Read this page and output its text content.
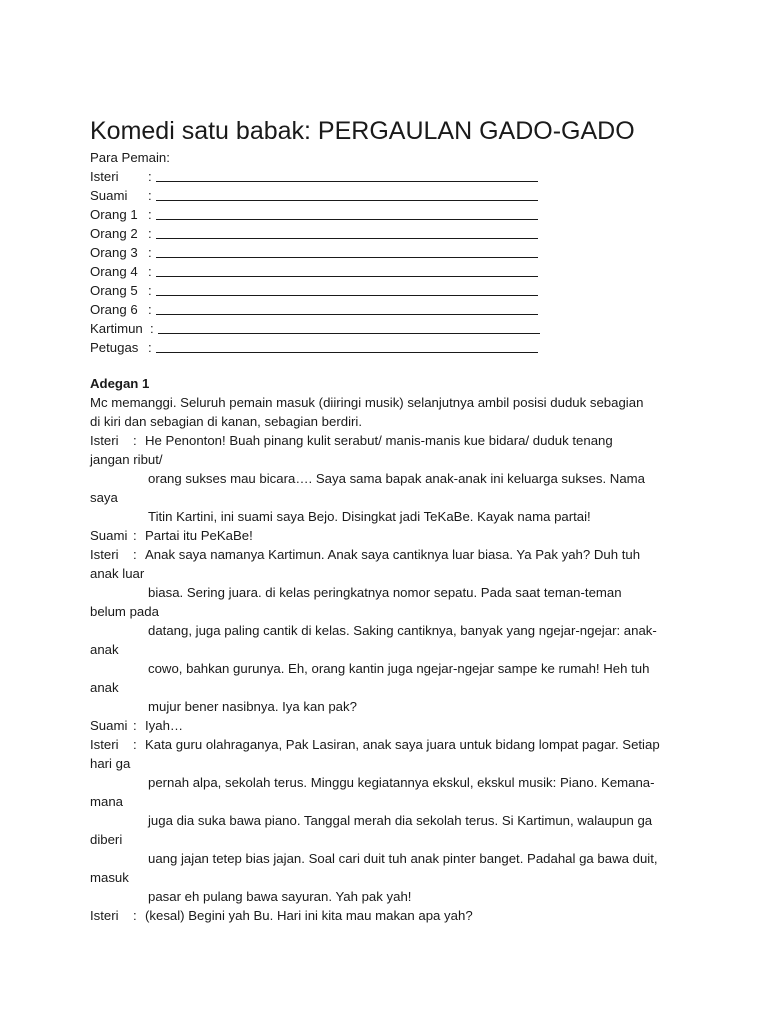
Komedi satu babak: PERGAULAN GADO-GADO
Para Pemain:
Isteri :
Suami :
Orang 1 :
Orang 2 :
Orang 3 :
Orang 4 :
Orang 5 :
Orang 6 :
Kartimun :
Petugas :
Adegan 1
Mc memanggi. Seluruh pemain masuk (diiringi musik) selanjutnya ambil posisi duduk sebagian
di kiri dan sebagian di kanan, sebagian berdiri.
Isteri : He Penonton! Buah pinang kulit serabut/ manis-manis kue bidara/ duduk tenang
jangan ribut/
orang sukses mau bicara…. Saya sama bapak anak-anak ini keluarga sukses. Nama
saya
Titin Kartini, ini suami saya Bejo. Disingkat jadi TeKaBe. Kayak nama partai!
Suami : Partai itu PeKaBe!
Isteri : Anak saya namanya Kartimun. Anak saya cantiknya luar biasa. Ya Pak yah? Duh tuh
anak luar
biasa. Sering juara. di kelas peringkatnya nomor sepatu. Pada saat teman-teman
belum pada
datang, juga paling cantik di kelas. Saking cantiknya, banyak yang ngejar-ngejar: anak-
anak
cowo, bahkan gurunya. Eh, orang kantin juga ngejar-ngejar sampe ke rumah! Heh tuh
anak
mujur bener nasibnya. Iya kan pak?
Suami : Iyah…
Isteri : Kata guru olahraganya, Pak Lasiran, anak saya juara untuk bidang lompat pagar. Setiap
hari ga
pernah alpa, sekolah terus. Minggu kegiatannya ekskul, ekskul musik: Piano. Kemana-
mana
juga dia suka bawa piano. Tanggal merah dia sekolah terus. Si Kartimun, walaupun ga
diberi
uang jajan tetep bias jajan. Soal cari duit tuh anak pinter banget. Padahal ga bawa duit,
masuk
pasar eh pulang bawa sayuran. Yah pak yah!
Isteri : (kesal) Begini yah Bu. Hari ini kita mau makan apa yah?
